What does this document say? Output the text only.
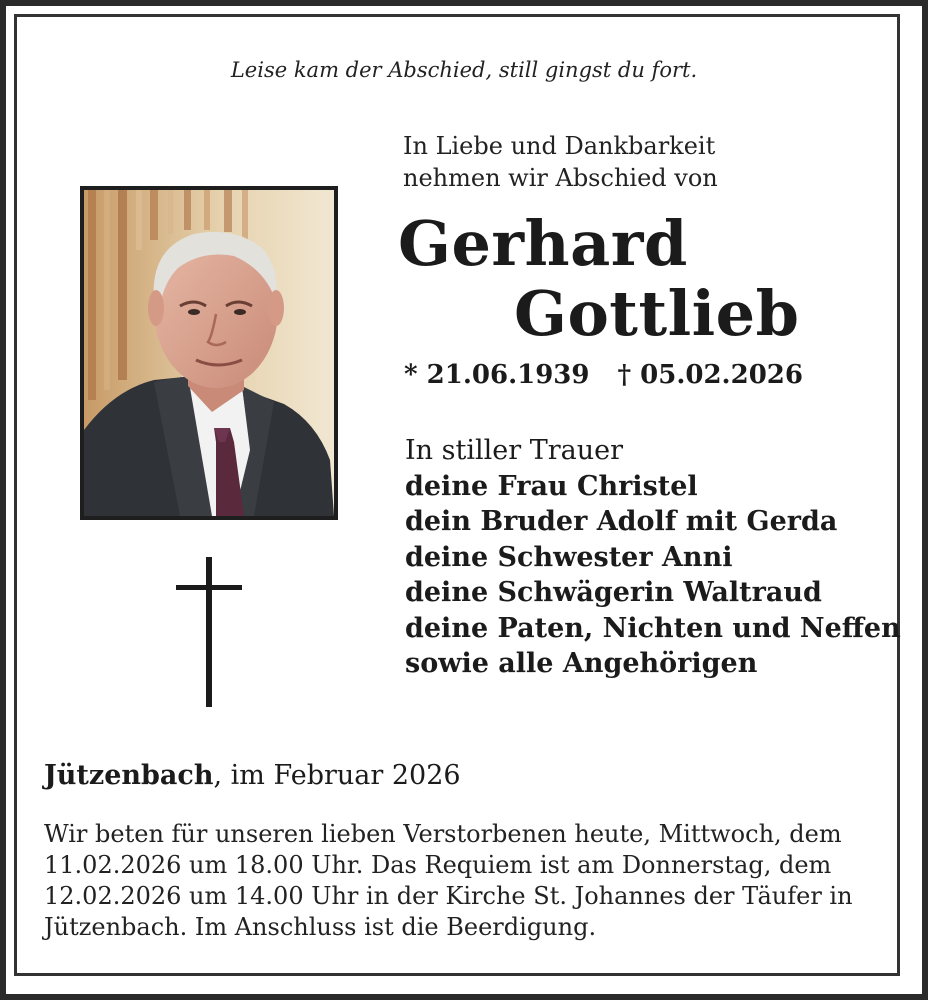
Leise kam der Abschied, still gingst du fort.
In Liebe und Dankbarkeit
nehmen wir Abschied von
Gerhard
Gottlieb
* 21.06.1939 † 05.02.2026
In stiller Trauer
deine Frau Christel
dein Bruder Adolf mit Gerda
deine Schwester Anni
deine Schwägerin Waltraud
deine Paten, Nichten und Neffen
sowie alle Angehörigen
Jützenbach, im Februar 2026
Wir beten für unseren lieben Verstorbenen heute, Mittwoch, dem 11.02.2026 um 18.00 Uhr. Das Requiem ist am Donnerstag, dem 12.02.2026 um 14.00 Uhr in der Kirche St. Johannes der Täufer in Jützenbach. Im Anschluss ist die Beerdigung.
